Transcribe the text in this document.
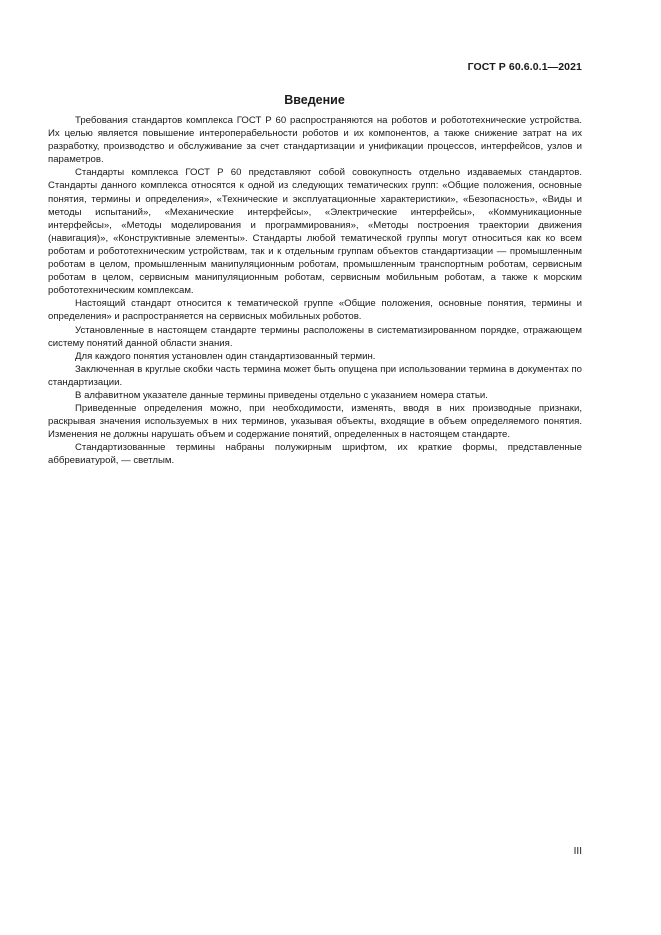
ГОСТ Р 60.6.0.1—2021
Введение

Требования стандартов комплекса ГОСТ Р 60 распространяются на роботов и робототехнические устройства. Их целью является повышение интероперабельности роботов и их компонентов, а также снижение затрат на их разработку, производство и обслуживание за счет стандартизации и унификации процессов, интерфейсов, узлов и параметров.

Стандарты комплекса ГОСТ Р 60 представляют собой совокупность отдельно издаваемых стандартов. Стандарты данного комплекса относятся к одной из следующих тематических групп: «Общие положения, основные понятия, термины и определения», «Технические и эксплуатационные характеристики», «Безопасность», «Виды и методы испытаний», «Механические интерфейсы», «Электрические интерфейсы», «Коммуникационные интерфейсы», «Методы моделирования и программирования», «Методы построения траектории движения (навигация)», «Конструктивные элементы». Стандарты любой тематической группы могут относиться как ко всем роботам и робототехническим устройствам, так и к отдельным группам объектов стандартизации — промышленным роботам в целом, промышленным манипуляционным роботам, промышленным транспортным роботам, сервисным роботам в целом, сервисным манипуляционным роботам, сервисным мобильным роботам, а также к морским робототехническим комплексам.

Настоящий стандарт относится к тематической группе «Общие положения, основные понятия, термины и определения» и распространяется на сервисных мобильных роботов.

Установленные в настоящем стандарте термины расположены в систематизированном порядке, отражающем систему понятий данной области знания.

Для каждого понятия установлен один стандартизованный термин.

Заключенная в круглые скобки часть термина может быть опущена при использовании термина в документах по стандартизации.

В алфавитном указателе данные термины приведены отдельно с указанием номера статьи.

Приведенные определения можно, при необходимости, изменять, вводя в них производные признаки, раскрывая значения используемых в них терминов, указывая объекты, входящие в объем определяемого понятия. Изменения не должны нарушать объем и содержание понятий, определенных в настоящем стандарте.

Стандартизованные термины набраны полужирным шрифтом, их краткие формы, представленные аббревиатурой, — светлым.

III
